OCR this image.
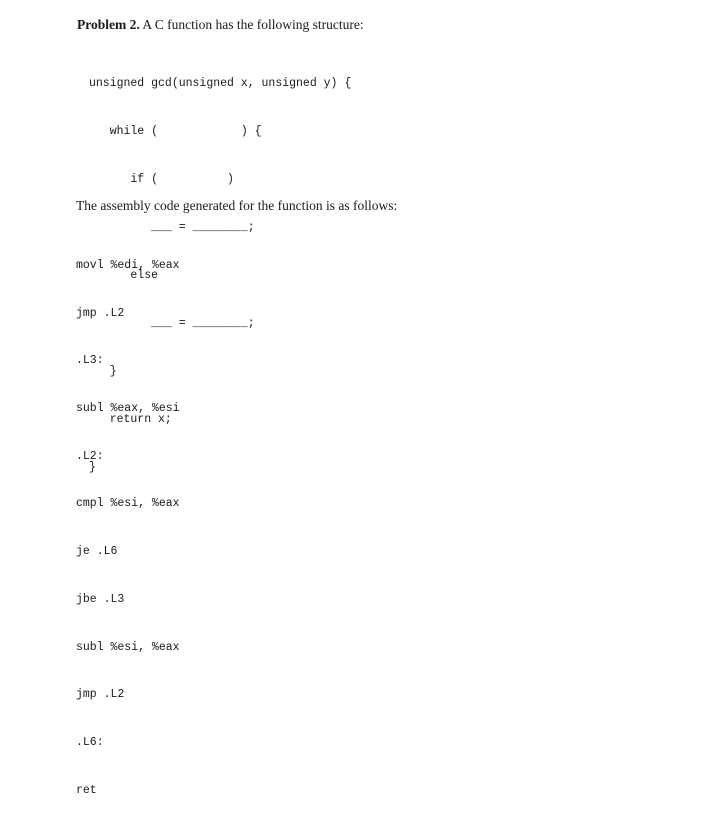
Problem 2. A C function has the following structure:

unsigned gcd(unsigned x, unsigned y) {

while (            ) {

if (          )

___ = ________;

else

___ = ________;

}

return x;

}

The assembly code generated for the function is as follows:

movl %edi, %eax

jmp .L2

.L3:

subl %eax, %esi

.L2:

cmpl %esi, %eax

je .L6

jbe .L3

subl %esi, %eax

jmp .L2

.L6:

ret
